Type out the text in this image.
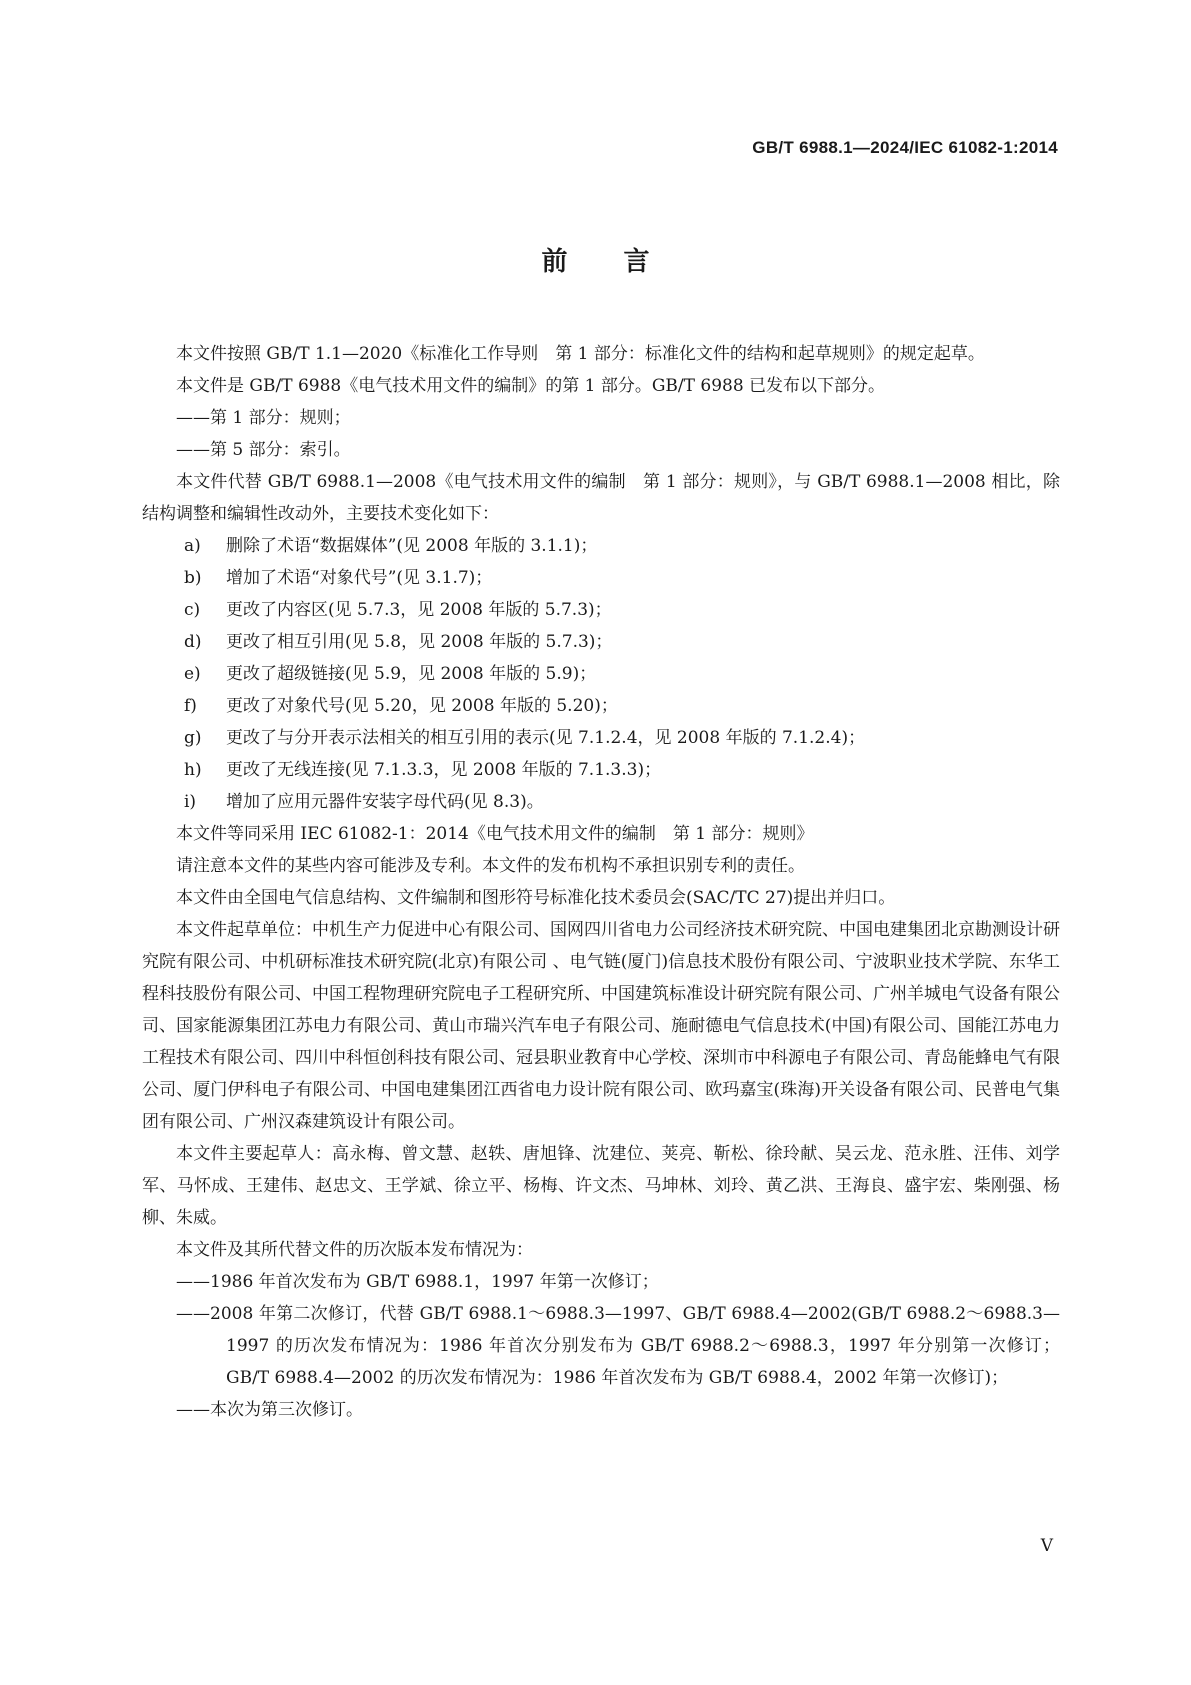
GB/T 6988.1—2024/IEC 61082-1:2014
前言

本文件按照 GB/T 1.1—2020《标准化工作导则　第 1 部分：标准化文件的结构和起草规则》的规定起草。

本文件是 GB/T 6988《电气技术用文件的编制》的第 1 部分。GB/T 6988 已发布以下部分。

——第 1 部分：规则；

——第 5 部分：索引。

本文件代替 GB/T 6988.1—2008《电气技术用文件的编制　第 1 部分：规则》，与 GB/T 6988.1—2008 相比，除结构调整和编辑性改动外，主要技术变化如下：

a)	删除了术语“数据媒体”(见 2008 年版的 3.1.1)；
b)	增加了术语“对象代号”(见 3.1.7)；
c)	更改了内容区(见 5.7.3，见 2008 年版的 5.7.3)；
d)	更改了相互引用(见 5.8，见 2008 年版的 5.7.3)；
e)	更改了超级链接(见 5.9，见 2008 年版的 5.9)；
f)	更改了对象代号(见 5.20，见 2008 年版的 5.20)；
g)	更改了与分开表示法相关的相互引用的表示(见 7.1.2.4，见 2008 年版的 7.1.2.4)；
h)	更改了无线连接(见 7.1.3.3，见 2008 年版的 7.1.3.3)；
i)	增加了应用元器件安装字母代码(见 8.3)。

本文件等同采用 IEC 61082-1：2014《电气技术用文件的编制　第 1 部分：规则》

请注意本文件的某些内容可能涉及专利。本文件的发布机构不承担识别专利的责任。

本文件由全国电气信息结构、文件编制和图形符号标准化技术委员会(SAC/TC 27)提出并归口。

本文件起草单位：中机生产力促进中心有限公司、国网四川省电力公司经济技术研究院、中国电建集团北京勘测设计研究院有限公司、中机研标准技术研究院(北京)有限公司 、电气链(厦门)信息技术股份有限公司、宁波职业技术学院、东华工程科技股份有限公司、中国工程物理研究院电子工程研究所、中国建筑标准设计研究院有限公司、广州羊城电气设备有限公司、国家能源集团江苏电力有限公司、黄山市瑞兴汽车电子有限公司、施耐德电气信息技术(中国)有限公司、国能江苏电力工程技术有限公司、四川中科恒创科技有限公司、冠县职业教育中心学校、深圳市中科源电子有限公司、青岛能蜂电气有限公司、厦门伊科电子有限公司、中国电建集团江西省电力设计院有限公司、欧玛嘉宝(珠海)开关设备有限公司、民普电气集团有限公司、广州汉森建筑设计有限公司。

本文件主要起草人：高永梅、曾文慧、赵轶、唐旭锋、沈建位、荚亮、靳松、徐玲献、吴云龙、范永胜、汪伟、刘学军、马怀成、王建伟、赵忠文、王学斌、徐立平、杨梅、许文杰、马坤林、刘玲、黄乙洪、王海良、盛宇宏、柴刚强、杨柳、朱威。

本文件及其所代替文件的历次版本发布情况为：

——1986 年首次发布为 GB/T 6988.1，1997 年第一次修订；

——2008 年第二次修订，代替 GB/T 6988.1～6988.3—1997、GB/T 6988.4—2002(GB/T 6988.2～6988.3—1997 的历次发布情况为：1986 年首次分别发布为 GB/T 6988.2～6988.3，1997 年分别第一次修订；GB/T 6988.4—2002 的历次发布情况为：1986 年首次发布为 GB/T 6988.4，2002 年第一次修订)；

——本次为第三次修订。

V
